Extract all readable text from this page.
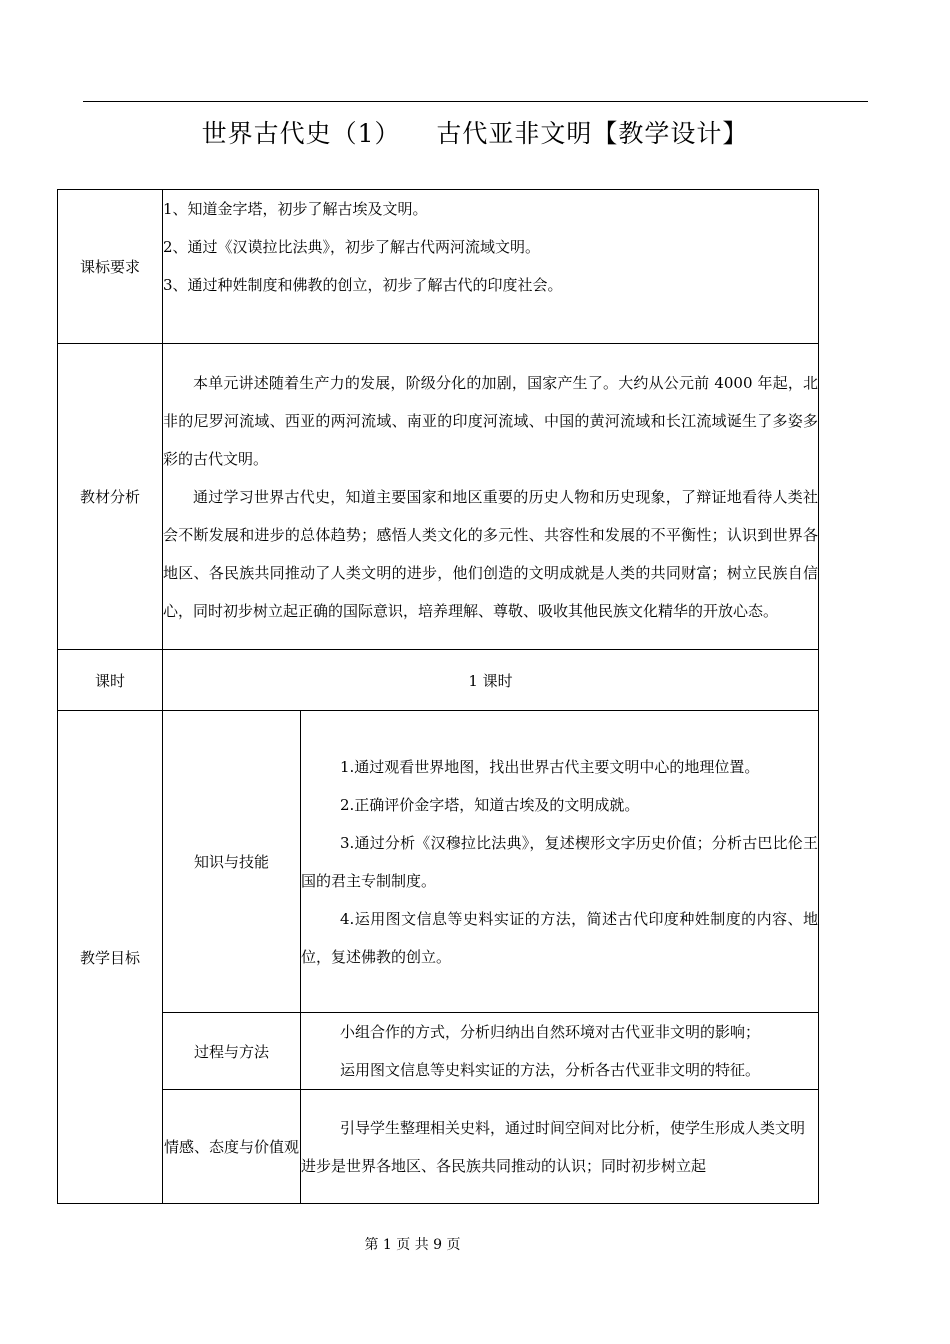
世界古代史（1）    古代亚非文明【教学设计】
课标要求	1、知道金字塔，初步了解古埃及文明。
2、通过《汉谟拉比法典》，初步了解古代两河流域文明。
3、通过种姓制度和佛教的创立，初步了解古代的印度社会。	

教材分析	本单元讲述随着生产力的发展，阶级分化的加剧，国家产生了。大约从公元前 4000 年起，北非的尼罗河流域、西亚的两河流域、南亚的印度河流域、中国的黄河流域和长江流域诞生了多姿多彩的古代文明。

通过学习世界古代史，知道主要国家和地区重要的历史人物和历史现象，了辩证地看待人类社会不断发展和进步的总体趋势；感悟人类文化的多元性、共容性和发展的不平衡性；认识到世界各地区、各民族共同推动了人类文明的进步，他们创造的文明成就是人类的共同财富；树立民族自信心，同时初步树立起正确的国际意识，培养理解、尊敬、吸收其他民族文化精华的开放心态。	

课时	1 课时	
教学目标	知识与技能	1.通过观看世界地图，找出世界古代主要文明中心的地理位置。

2.正确评价金字塔，知道古埃及的文明成就。

3.通过分析《汉穆拉比法典》，复述楔形文字历史价值；分析古巴比伦王国的君主专制制度。

4.运用图文信息等史料实证的方法，简述古代印度种姓制度的内容、地位，复述佛教的创立。

	过程与方法	小组合作的方式，分析归纳出自然环境对古代亚非文明的影响；

运用图文信息等史料实证的方法，分析各古代亚非文明的特征。

	情感、态度与价值观	引导学生整理相关史料，通过时间空间对比分析，使学生形成人类文明进步是世界各地区、各民族共同推动的认识；同时初步树立起
第 1 页 共 9 页
